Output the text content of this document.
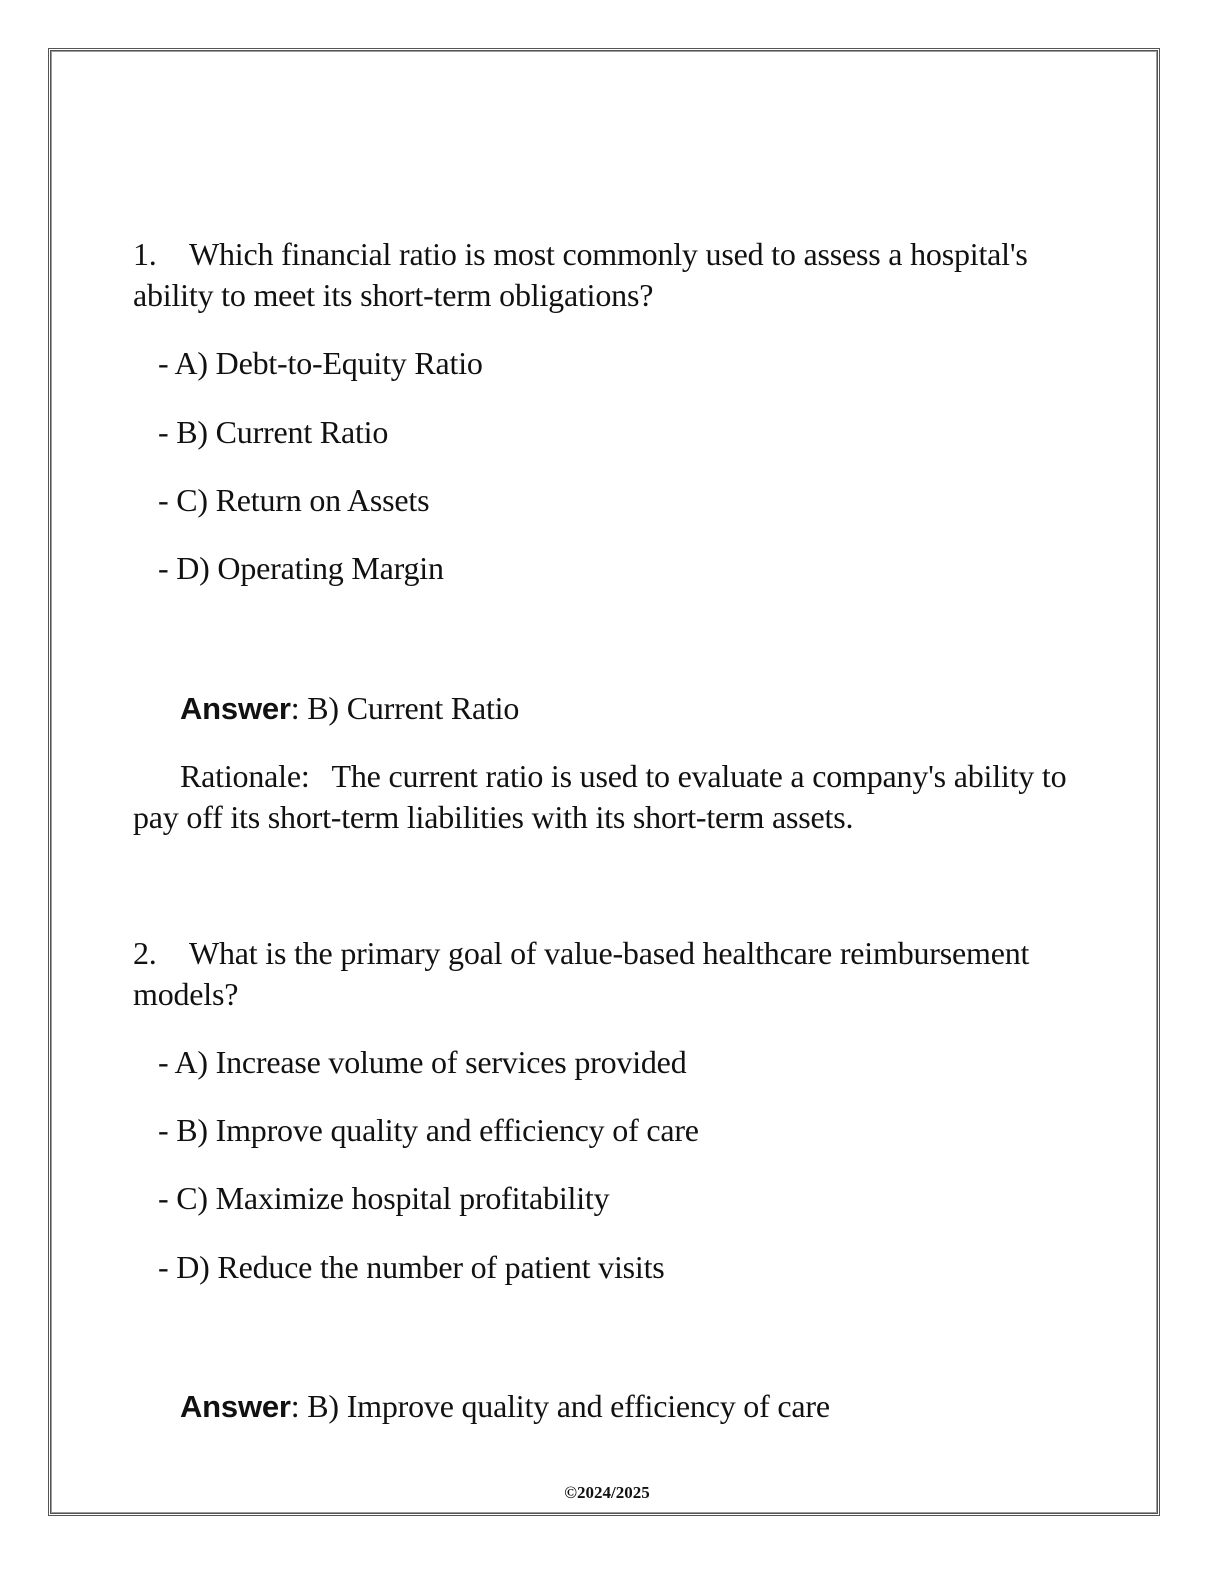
1. Which financial ratio is most commonly used to assess a hospital's ability to meet its short-term obligations?
- A) Debt-to-Equity Ratio
- B) Current Ratio
- C) Return on Assets
- D) Operating Margin
Answer: B) Current Ratio
Rationale: The current ratio is used to evaluate a company's ability to pay off its short-term liabilities with its short-term assets.
2. What is the primary goal of value-based healthcare reimbursement models?
- A) Increase volume of services provided
- B) Improve quality and efficiency of care
- C) Maximize hospital profitability
- D) Reduce the number of patient visits
Answer: B) Improve quality and efficiency of care
©2024/2025
